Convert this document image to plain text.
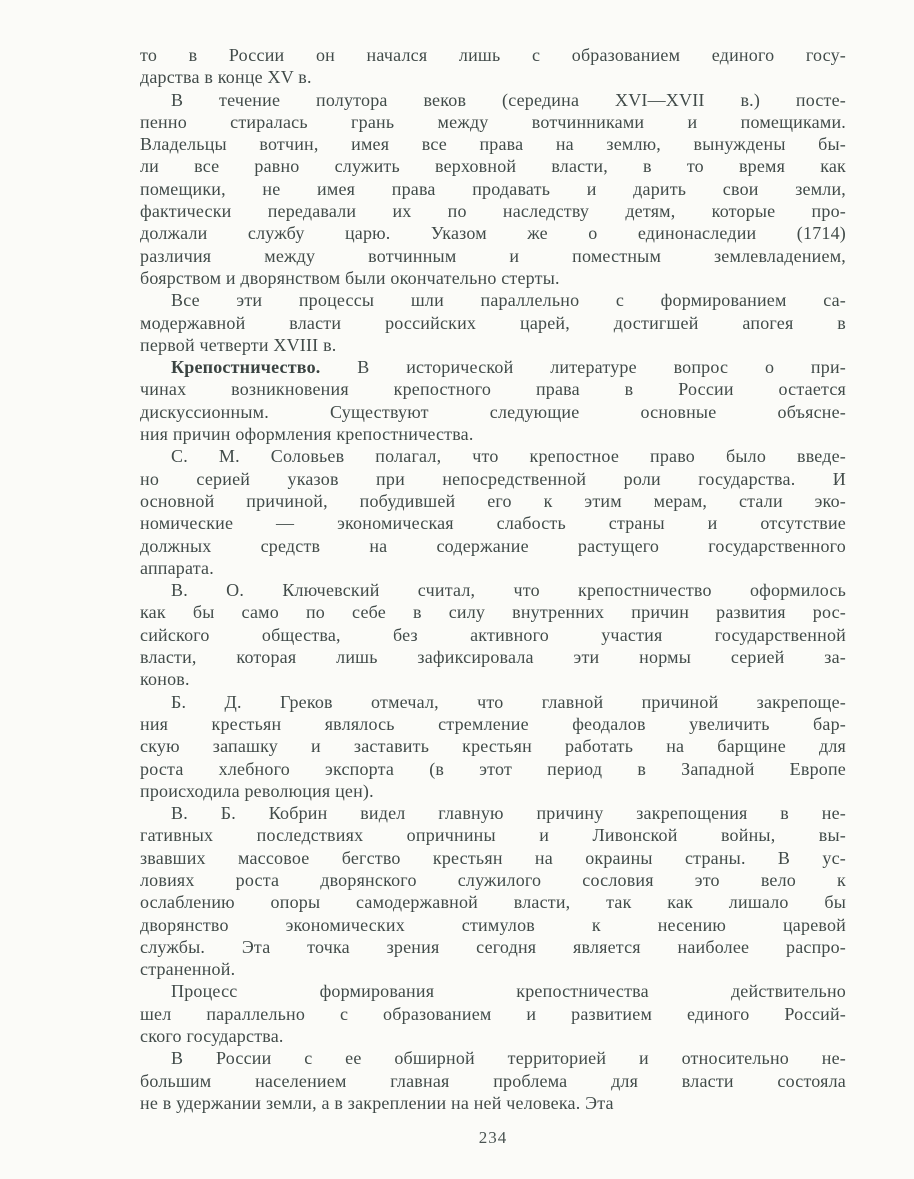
то в России он начался лишь с образованием единого госу-
дарства в конце XV в.
В течение полутора веков (середина XVI—XVII в.) посте-
пенно стиралась грань между вотчинниками и помещиками.
Владельцы вотчин, имея все права на землю, вынуждены бы-
ли все равно служить верховной власти, в то время как
помещики, не имея права продавать и дарить свои земли,
фактически передавали их по наследству детям, которые про-
должали службу царю. Указом же о единонаследии (1714)
различия между вотчинным и поместным землевладением,
боярством и дворянством были окончательно стерты.
Все эти процессы шли параллельно с формированием са-
модержавной власти российских царей, достигшей апогея в
первой четверти XVIII в.
Крепостничество. В исторической литературе вопрос о при-
чинах возникновения крепостного права в России остается
дискуссионным. Существуют следующие основные объясне-
ния причин оформления крепостничества.
С. М. Соловьев полагал, что крепостное право было введе-
но серией указов при непосредственной роли государства. И
основной причиной, побудившей его к этим мерам, стали эко-
номические — экономическая слабость страны и отсутствие
должных средств на содержание растущего государственного
аппарата.
В. О. Ключевский считал, что крепостничество оформилось
как бы само по себе в силу внутренних причин развития рос-
сийского общества, без активного участия государственной
власти, которая лишь зафиксировала эти нормы серией за-
конов.
Б. Д. Греков отмечал, что главной причиной закрепоще-
ния крестьян являлось стремление феодалов увеличить бар-
скую запашку и заставить крестьян работать на барщине для
роста хлебного экспорта (в этот период в Западной Европе
происходила революция цен).
В. Б. Кобрин видел главную причину закрепощения в не-
гативных последствиях опричнины и Ливонской войны, вы-
звавших массовое бегство крестьян на окраины страны. В ус-
ловиях роста дворянского служилого сословия это вело к
ослаблению опоры самодержавной власти, так как лишало бы
дворянство экономических стимулов к несению царевой
службы. Эта точка зрения сегодня является наиболее распро-
страненной.
Процесс формирования крепостничества действительно
шел параллельно с образованием и развитием единого Россий-
ского государства.
В России с ее обширной территорией и относительно не-
большим населением главная проблема для власти состояла
не в удержании земли, а в закреплении на ней человека. Эта
234
